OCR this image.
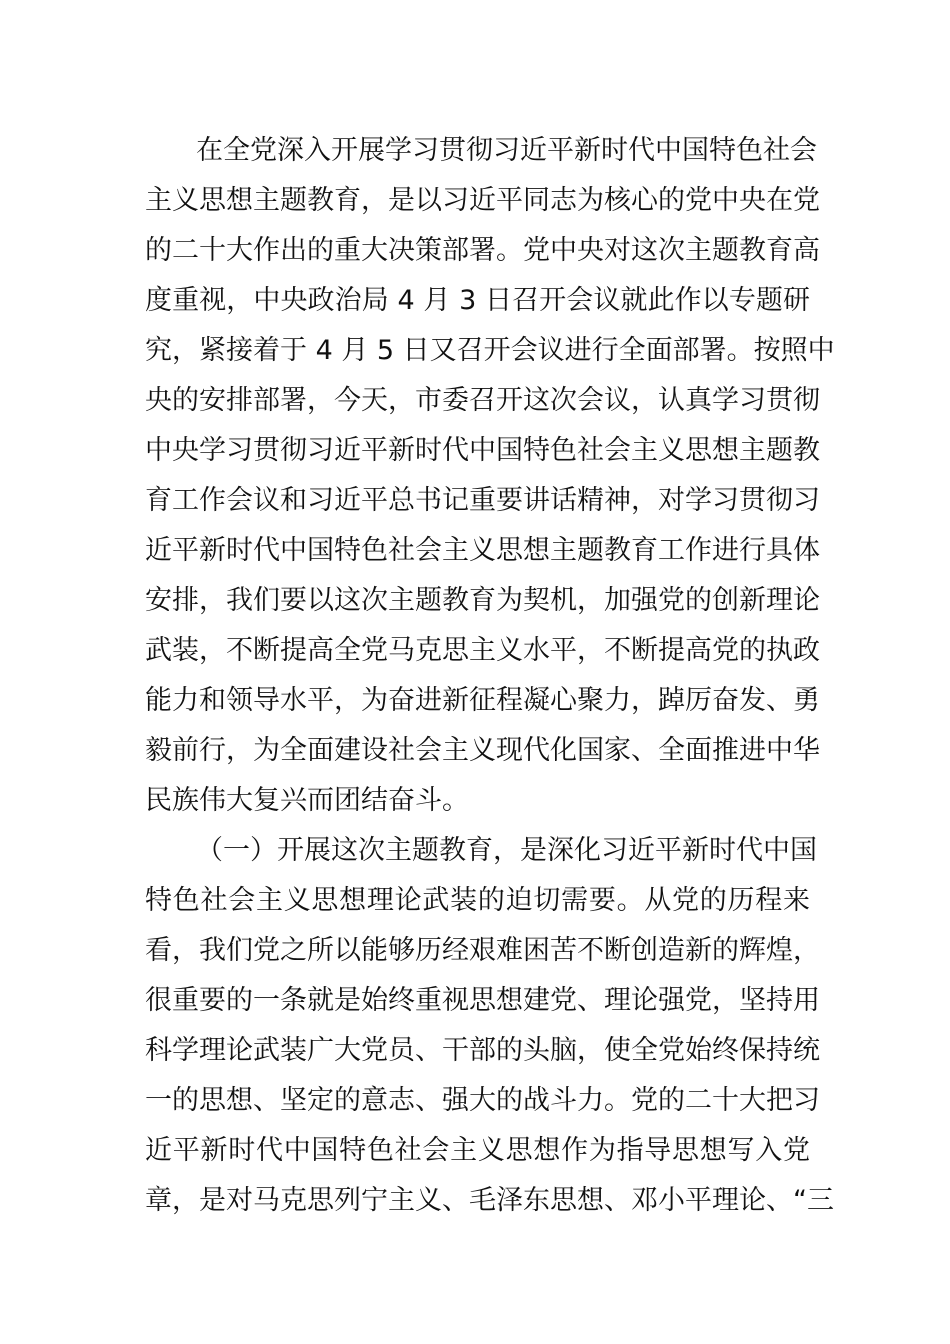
在全党深入开展学习贯彻习近平新时代中国特色社会
主义思想主题教育，是以习近平同志为核心的党中央在党
的二十大作出的重大决策部署。党中央对这次主题教育高
度重视，中央政治局 4 月 3 日召开会议就此作以专题研
究，紧接着于 4 月 5 日又召开会议进行全面部署。按照中
央的安排部署，今天，市委召开这次会议，认真学习贯彻
中央学习贯彻习近平新时代中国特色社会主义思想主题教
育工作会议和习近平总书记重要讲话精神，对学习贯彻习
近平新时代中国特色社会主义思想主题教育工作进行具体
安排，我们要以这次主题教育为契机，加强党的创新理论
武装，不断提高全党马克思主义水平，不断提高党的执政
能力和领导水平，为奋进新征程凝心聚力，踔厉奋发、勇
毅前行，为全面建设社会主义现代化国家、全面推进中华
民族伟大复兴而团结奋斗。
（一）开展这次主题教育，是深化习近平新时代中国
特色社会主义思想理论武装的迫切需要。从党的历程来
看，我们党之所以能够历经艰难困苦不断创造新的辉煌，
很重要的一条就是始终重视思想建党、理论强党，坚持用
科学理论武装广大党员、干部的头脑，使全党始终保持统
一的思想、坚定的意志、强大的战斗力。党的二十大把习
近平新时代中国特色社会主义思想作为指导思想写入党
章，是对马克思列宁主义、毛泽东思想、邓小平理论、“三
